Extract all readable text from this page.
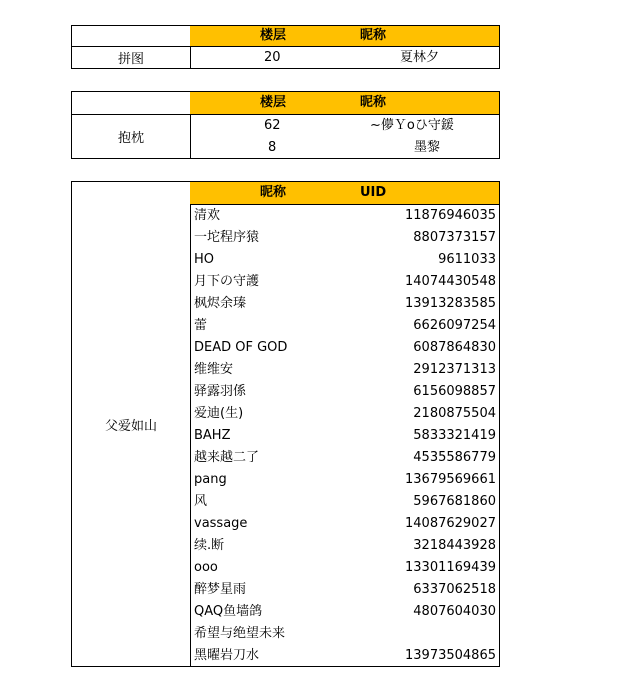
拼图
楼层	昵称
20	夏林夕
抱枕
楼层	昵称
62	~儚Ｙoひ守鍰
8	墨黎
父爱如山
昵称	UID
清欢	11876946035
一坨程序猿	8807373157
HO	9611033
月下の守護	14074430548
枫烬余瑧	13913283585
蕾	6626097254
DEAD OF GOD	6087864830
维维安	2912371313
驿露羽係	6156098857
爱迪(生)	2180875504
BAHZ	5833321419
越来越二了	4535586779
pang	13679569661
风	5967681860
vassage	14087629027
续.断	3218443928
ooo	13301169439
醉梦星雨	6337062518
QAQ鱼墙鸽	4807604030
希望与绝望未来
黑曜岩刀水	13973504865
